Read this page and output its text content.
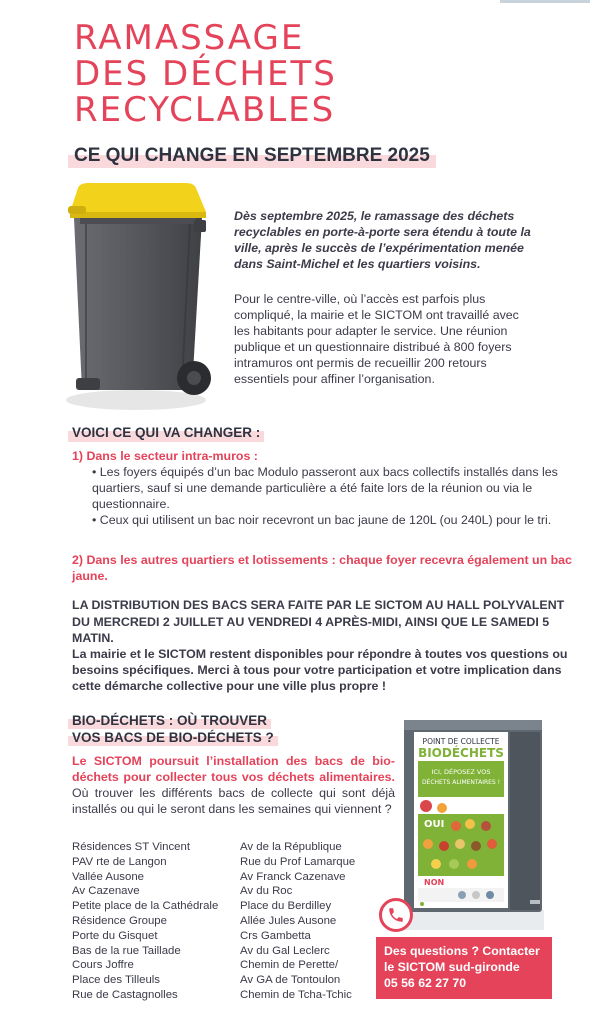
RAMASSAGE
DES DÉCHETS
RECYCLABLES
CE QUI CHANGE EN SEPTEMBRE 2025

Dès septembre 2025, le ramassage des déchets recyclables en porte-à-porte sera étendu à toute la ville, après le succès de l’expérimentation menée dans Saint-Michel et les quartiers voisins.

Pour le centre-ville, où l’accès est parfois plus compliqué, la mairie et le SICTOM ont travaillé avec les habitants pour adapter le service. Une réunion publique et un questionnaire distribué à 800 foyers intramuros ont permis de recueillir 200 retours essentiels pour affiner l’organisation.

VOICI CE QUI VA CHANGER :
1) Dans le secteur intra-muros :
• Les foyers équipés d’un bac Modulo passeront aux bacs collectifs installés dans les quartiers, sauf si une demande particulière a été faite lors de la réunion ou via le questionnaire.
• Ceux qui utilisent un bac noir recevront un bac jaune de 120L (ou 240L) pour le tri.
2) Dans les autres quartiers et lotissements : chaque foyer recevra également un bac jaune.
LA DISTRIBUTION DES BACS SERA FAITE PAR LE SICTOM AU HALL POLYVALENT DU MERCREDI 2 JUILLET AU VENDREDI 4 APRÈS-MIDI, AINSI QUE LE SAMEDI 5 MATIN.
La mairie et le SICTOM restent disponibles pour répondre à toutes vos questions ou besoins spécifiques. Merci à tous pour votre participation et votre implication dans cette démarche collective pour une ville plus propre !
BIO-DÉCHETS : OÙ TROUVER
VOS BACS DE BIO-DÉCHETS ?

Le SICTOM poursuit l’installation des bacs de bio-déchets pour collecter tous vos déchets alimentaires. Où trouver les différents bacs de collecte qui sont déjà installés ou qui le seront dans les semaines qui viennent ?

Résidences ST Vincent
PAV rte de Langon
Vallée Ausone
Av Cazenave
Petite place de la Cathédrale
Résidence Groupe
Porte du Gisquet
Bas de la rue Taillade
Cours Joffre
Place des Tilleuls
Rue de Castagnolles
Av de la République
Rue du Prof Lamarque
Av Franck Cazenave
Av du Roc
Place du Berdilley
Allée Jules Ausone
Crs Gambetta
Av du Gal Leclerc
Chemin de Perette/
Av GA de Tontoulon
Chemin de Tcha-Tchic
POINT DE COLLECTE
BIODÉCHETS
ICI, DÉPOSEZ VOS
DÉCHETS ALIMENTAIRES !
OUI
NON
Des questions ? Contacter
le SICTOM sud-gironde
05 56 62 27 70
